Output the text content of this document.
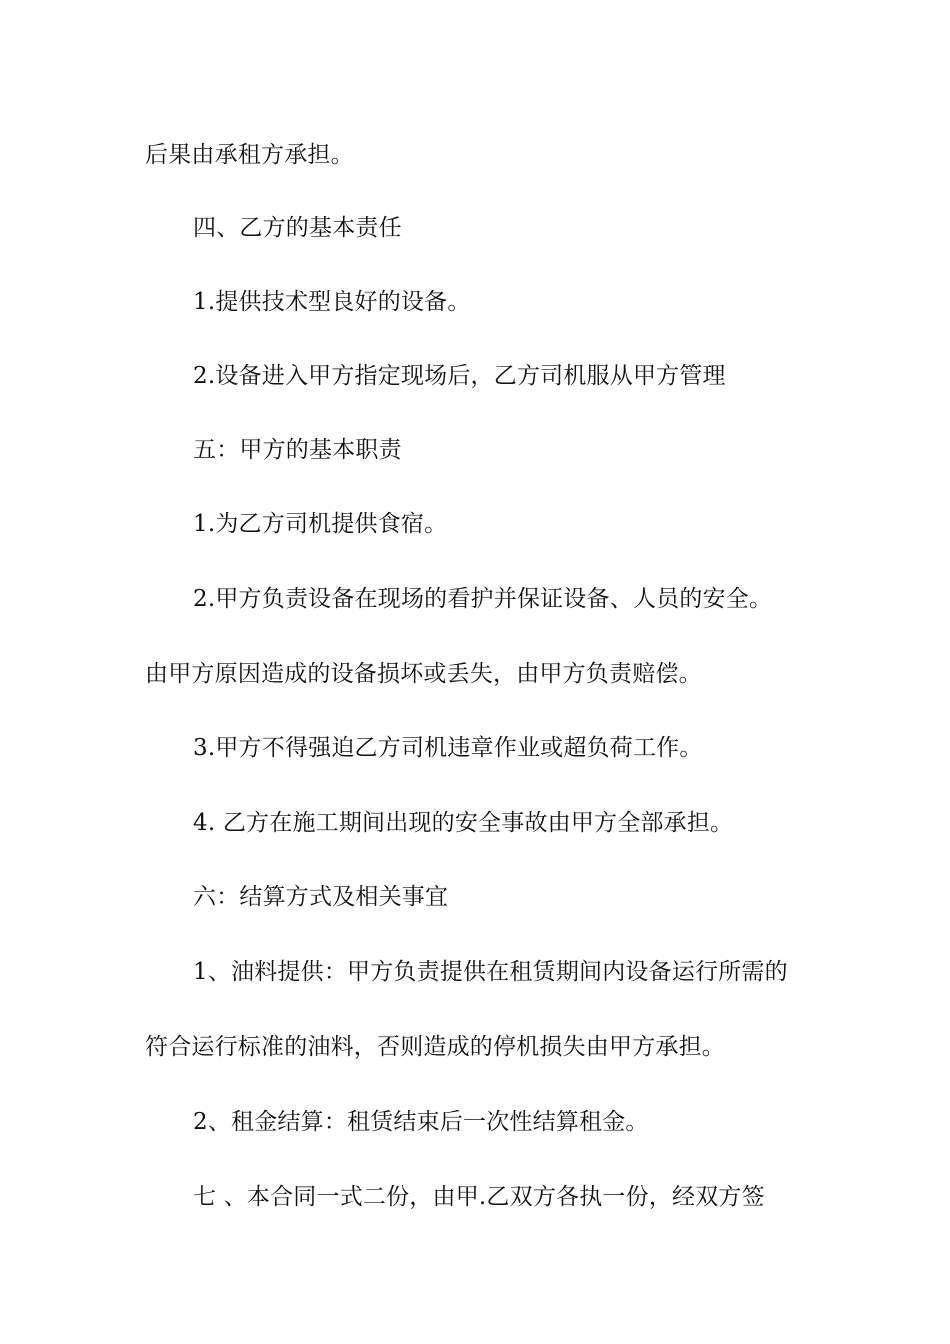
后果由承租方承担。
四、乙方的基本责任
1.提供技术型良好的设备。
2.设备进入甲方指定现场后，乙方司机服从甲方管理
五：甲方的基本职责
1.为乙方司机提供食宿。
2.甲方负责设备在现场的看护并保证设备、人员的安全。
由甲方原因造成的设备损坏或丢失，由甲方负责赔偿。
3.甲方不得强迫乙方司机违章作业或超负荷工作。
4. 乙方在施工期间出现的安全事故由甲方全部承担。
六：结算方式及相关事宜
1、油料提供：甲方负责提供在租赁期间内设备运行所需的
符合运行标准的油料，否则造成的停机损失由甲方承担。
2、租金结算：租赁结束后一次性结算租金。
七 、本合同一式二份，由甲.乙双方各执一份，经双方签
